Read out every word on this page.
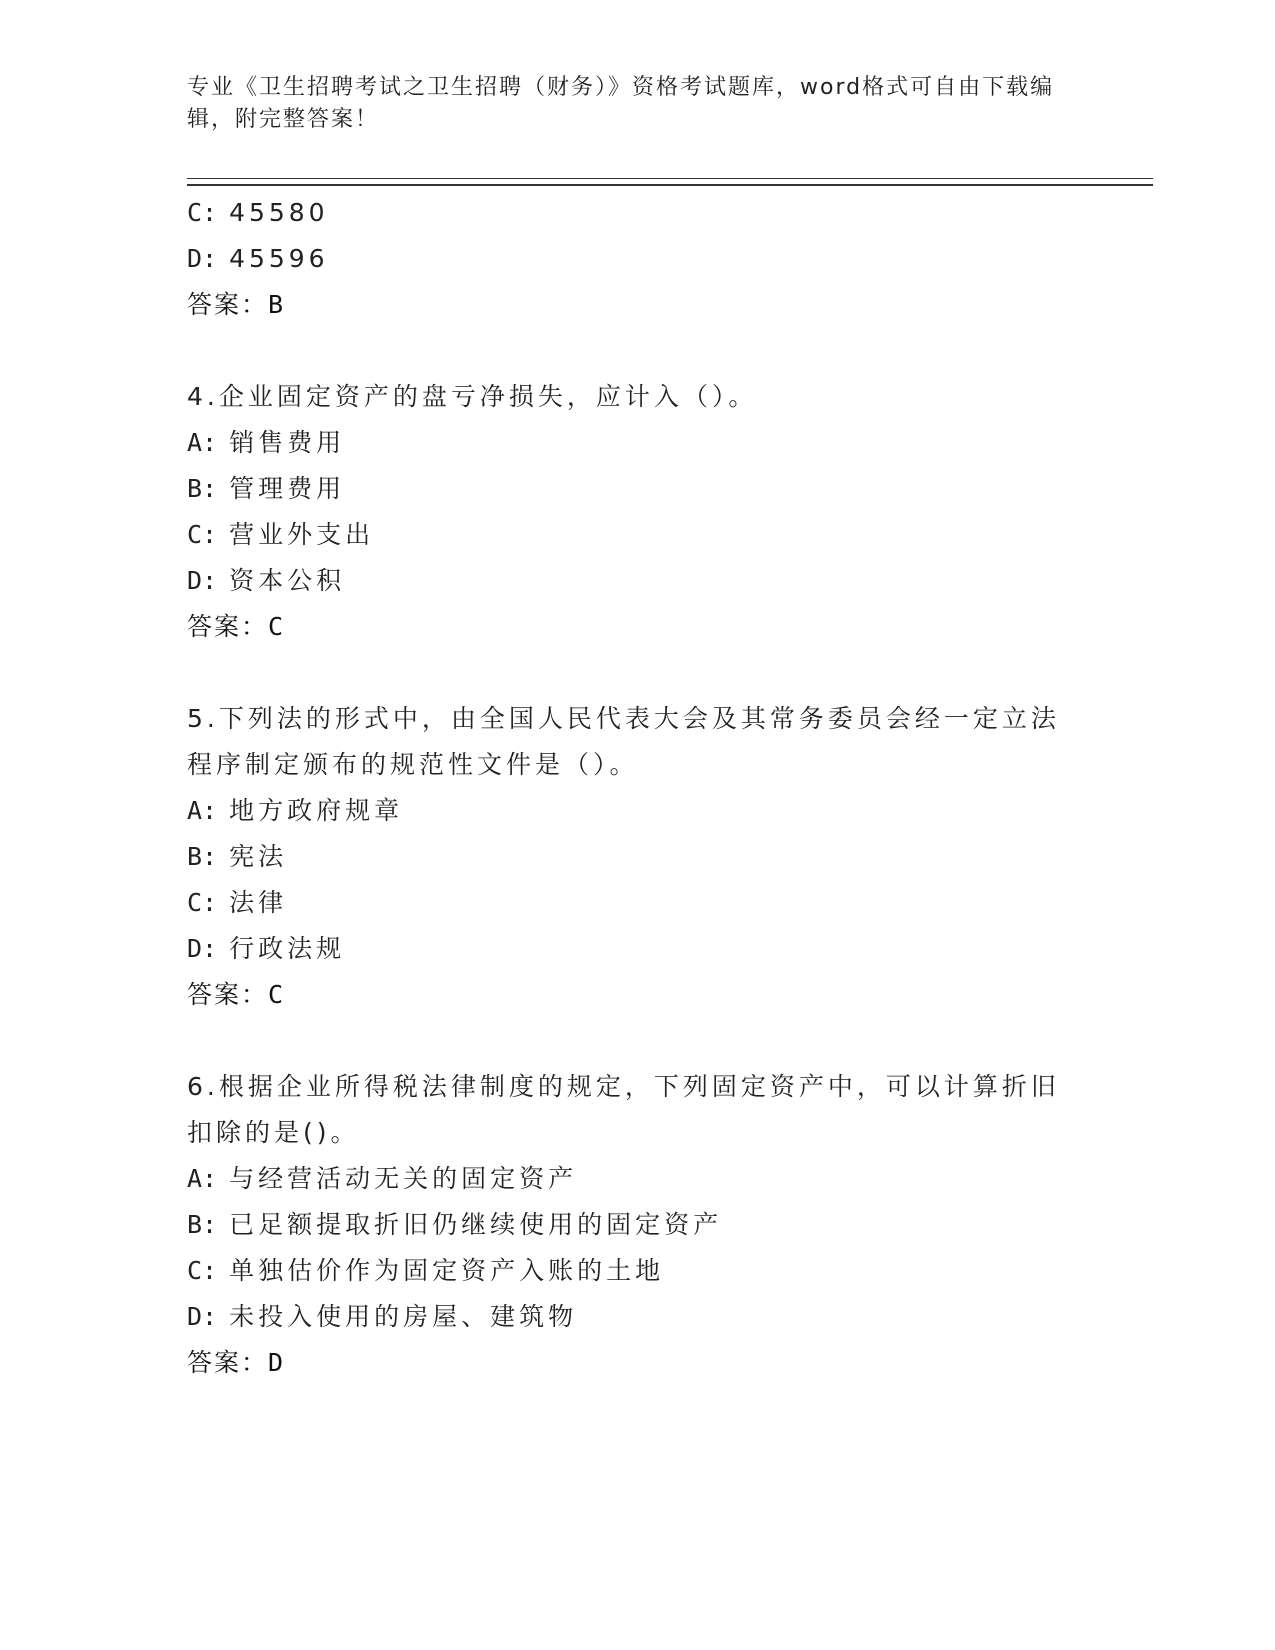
专业《卫生招聘考试之卫生招聘（财务）》资格考试题库，word格式可自由下载编辑，附完整答案！
C: 45580
D: 45596
答案：B
4.企业固定资产的盘亏净损失，应计入（）。
A: 销售费用
B: 管理费用
C: 营业外支出
D: 资本公积
答案：C
5.下列法的形式中，由全国人民代表大会及其常务委员会经一定立法程序制定颁布的规范性文件是（）。
A: 地方政府规章
B: 宪法
C: 法律
D: 行政法规
答案：C
6.根据企业所得税法律制度的规定，下列固定资产中，可以计算折旧扣除的是()。
A: 与经营活动无关的固定资产
B: 已足额提取折旧仍继续使用的固定资产
C: 单独估价作为固定资产入账的土地
D: 未投入使用的房屋、建筑物
答案：D
